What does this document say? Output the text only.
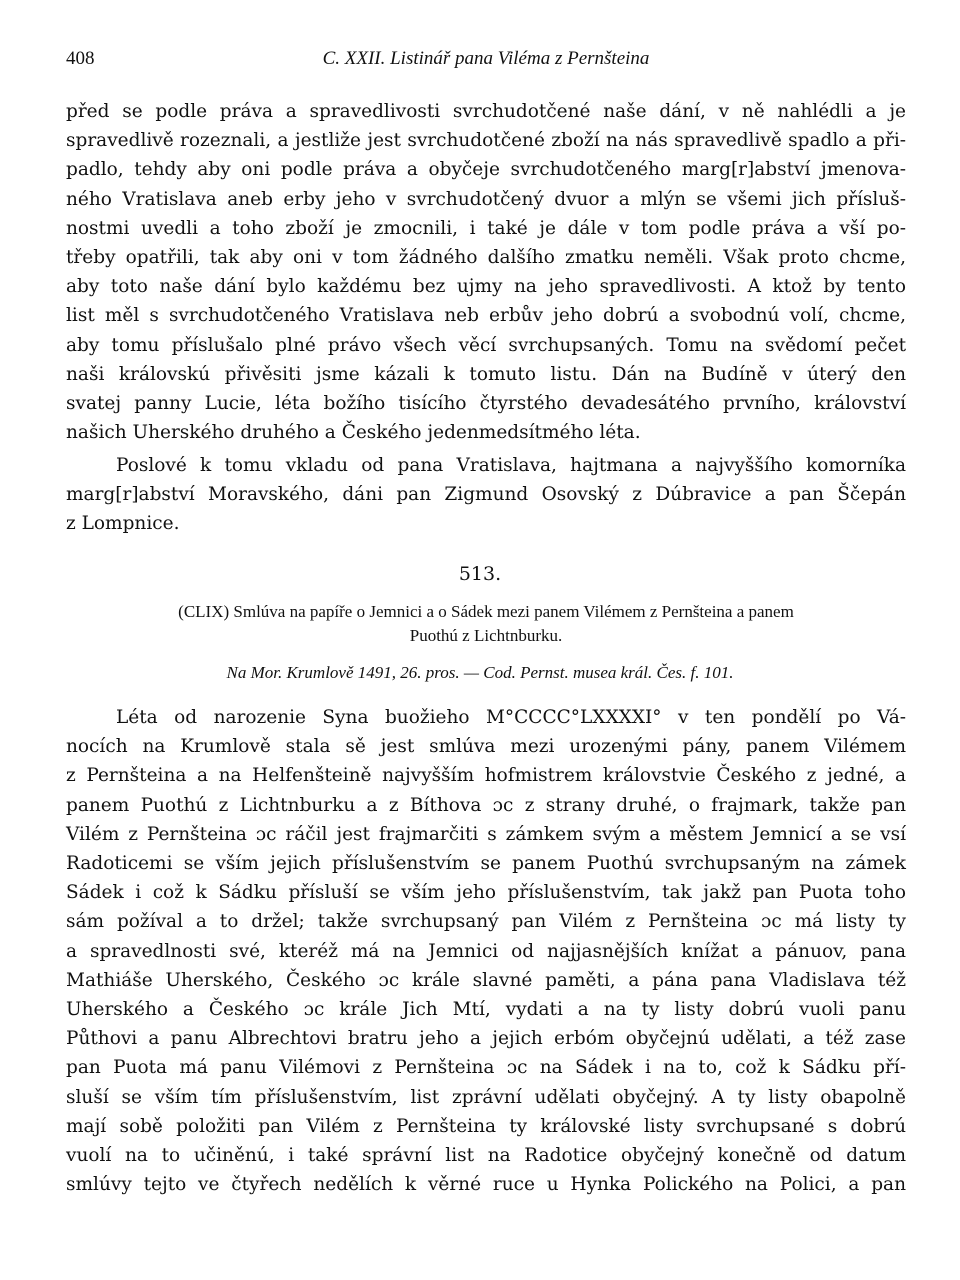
408	C. XXII. Listinář pana Viléma z Pernšteina

před se podle práva a spravedlivosti svrchudotčené naše dání, v ně nahlédli a je

spravedlivě rozeznali, a jestliže jest svrchudotčené zboží na nás spravedlivě spadlo a při-

padlo, tehdy aby oni podle práva a obyčeje svrchudotčeného marg[r]abství jmenova-

ného Vratislava aneb erby jeho v svrchudotčený dvuor a mlýn se všemi jich přísluš-

nostmi uvedli a toho zboží je zmocnili, i také je dále v tom podle práva a vší po-

třeby opatřili, tak aby oni v tom žádného dalšího zmatku neměli. Však proto chcme,

aby toto naše dání bylo každému bez ujmy na jeho spravedlivosti. A ktož by tento

list měl s svrchudotčeného Vratislava neb erbův jeho dobrú a svobodnú volí, chcme,

aby tomu příslušalo plné právo všech věcí svrchupsaných. Tomu na svědomí pečet

naši královskú přivěsiti jsme kázali k tomuto listu. Dán na Budíně v úterý den

svatej panny Lucie, léta božího tisícího čtyrstého devadesátého prvního, království

našich Uherského druhého a Českého jedenmedsítmého léta.

Poslové k tomu vkladu od pana Vratislava, hajtmana a najvyššího komorníka

marg[r]abství Moravského, dáni pan Zigmund Osovský z Dúbravice a pan Ščepán

z Lompnice.

513.
(CLIX) Smlúva na papíře o Jemnici a o Sádek mezi panem Vilémem z Pernšteina a panem
Puothú z Lichtnburku.
Na Mor. Krumlově 1491, 26. pros. — Cod. Pernst. musea král. Čes. f. 101.

Léta od narozenie Syna buožieho M°CCCC°LXXXXI° v ten pondělí po Vá-

nocích na Krumlově stala sě jest smlúva mezi urozenými pány, panem Vilémem

z Pernšteina a na Helfenšteině najvyšším hofmistrem královstvie Českého z jedné, a

panem Puothú z Lichtnburku a z Bíthova ɔc z strany druhé, o frajmark, takže pan

Vilém z Pernšteina ɔc ráčil jest frajmarčiti s zámkem svým a městem Jemnicí a se vsí

Radoticemi se vším jejich příslušenstvím se panem Puothú svrchupsaným na zámek

Sádek i což k Sádku přísluší se vším jeho příslušenstvím, tak jakž pan Puota toho

sám požíval a to držel; takže svrchupsaný pan Vilém z Pernšteina ɔc má listy ty

a spravedlnosti své, kteréž má na Jemnici od najjasnějších knížat a pánuov, pana

Mathiáše Uherského, Českého ɔc krále slavné paměti, a pána pana Vladislava též

Uherského a Českého ɔc krále Jich Mtí, vydati a na ty listy dobrú vuoli panu

Půthovi a panu Albrechtovi bratru jeho a jejich erbóm obyčejnú udělati, a též zase

pan Puota má panu Vilémovi z Pernšteina ɔc na Sádek i na to, což k Sádku pří-

sluší se vším tím příslušenstvím, list zprávní udělati obyčejný. A ty listy obapolně

mají sobě položiti pan Vilém z Pernšteina ty královské listy svrchupsané s dobrú

vuolí na to učiněnú, i také správní list na Radotice obyčejný konečně od datum

smlúvy tejto ve čtyřech nedělích k věrné ruce u Hynka Polického na Polici, a pan
